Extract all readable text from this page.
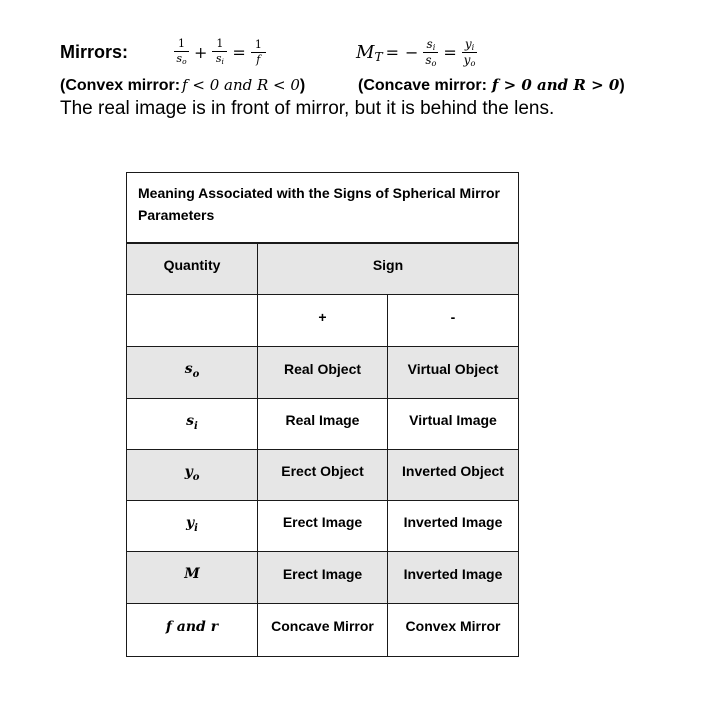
Mirrors:	$\frac{1}{s_o} + \frac{1}{s_i} = \frac{1}{f}$	$M_T$ = − $\frac{s_i}{s_o} = \frac{y_i}{y_o}$
(Convex mirror: f < 0 and R < 0)	(Concave mirror: f > 0 and R > 0)
The real image is in front of mirror, but it is behind the lens.
Meaning Associated with the Signs of Spherical Mirror Parameters		
Quantity	Sign	
	+	-
$s_o$	Real Object	Virtual Object
$s_i$	Real Image	Virtual Image
$y_o$	Erect Object	Inverted Object
$y_i$	Erect Image	Inverted Image
M	Erect Image	Inverted Image
f and r	Concave Mirror	Convex Mirror
